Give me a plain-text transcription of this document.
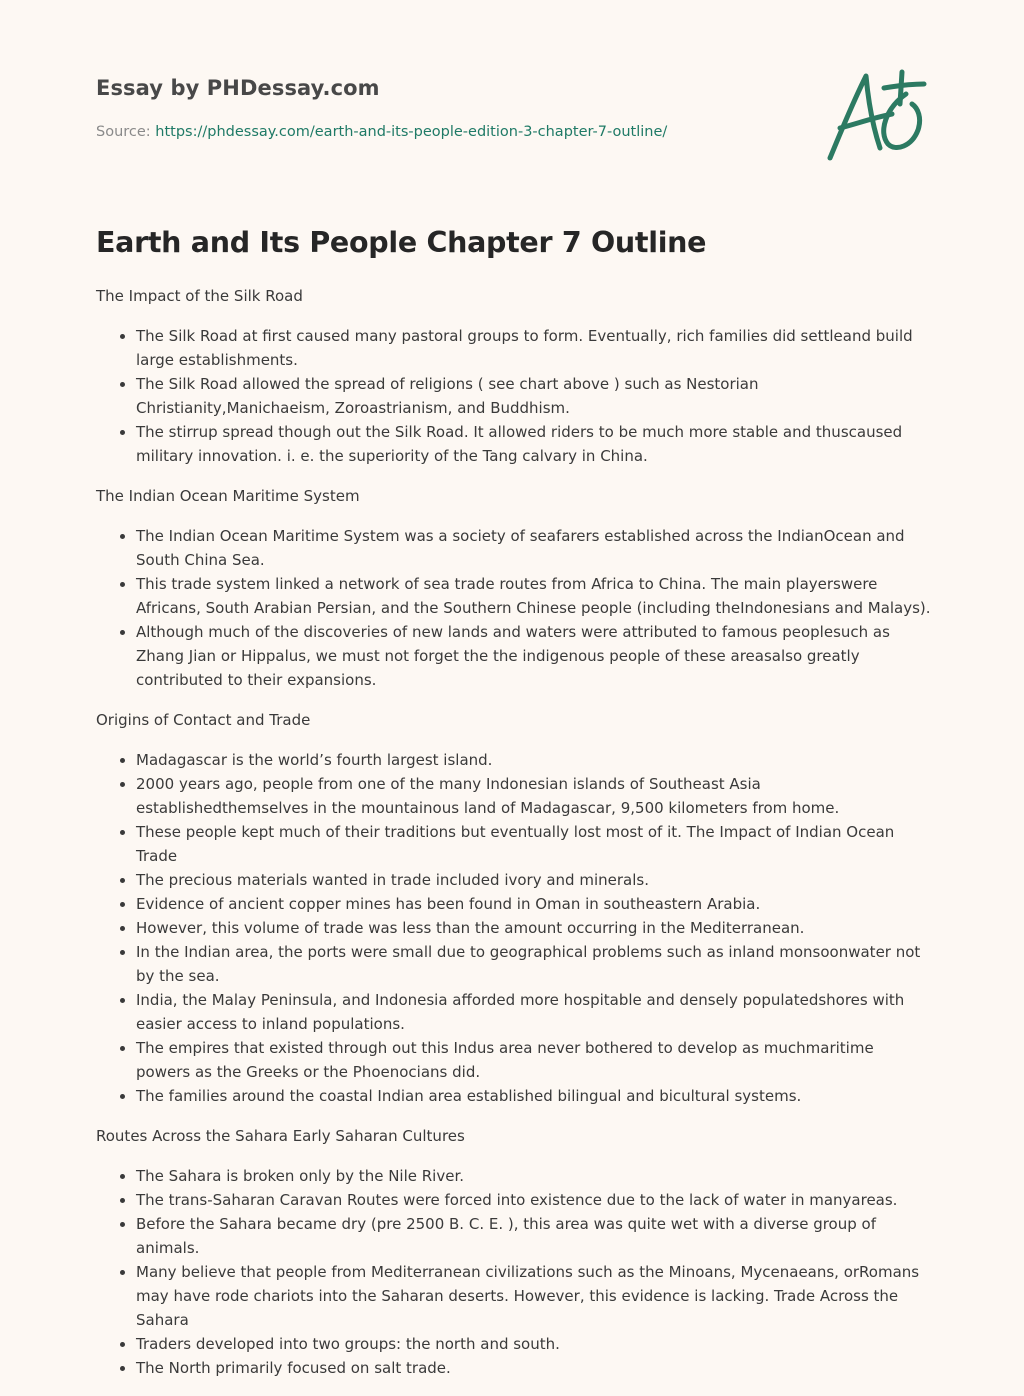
Essay by PHDessay.com
Source: https://phdessay.com/earth-and-its-people-edition-3-chapter-7-outline/
Earth and Its People Chapter 7 Outline

The Impact of the Silk Road

• The Silk Road at first caused many pastoral groups to form. Eventually, rich families did settleand build large establishments.
• The Silk Road allowed the spread of religions ( see chart above ) such as Nestorian Christianity,Manichaeism, Zoroastrianism, and Buddhism.
• The stirrup spread though out the Silk Road. It allowed riders to be much more stable and thuscaused military innovation. i. e. the superiority of the Tang calvary in China.

The Indian Ocean Maritime System

• The Indian Ocean Maritime System was a society of seafarers established across the IndianOcean and South China Sea.
• This trade system linked a network of sea trade routes from Africa to China. The main playerswere Africans, South Arabian Persian, and the Southern Chinese people (including theIndonesians and Malays).
• Although much of the discoveries of new lands and waters were attributed to famous peoplesuch as Zhang Jian or Hippalus, we must not forget the the indigenous people of these areasalso greatly contributed to their expansions.

Origins of Contact and Trade

• Madagascar is the world’s fourth largest island.
• 2000 years ago, people from one of the many Indonesian islands of Southeast Asia establishedthemselves in the mountainous land of Madagascar, 9,500 kilometers from home.
• These people kept much of their traditions but eventually lost most of it. The Impact of Indian Ocean Trade
• The precious materials wanted in trade included ivory and minerals.
• Evidence of ancient copper mines has been found in Oman in southeastern Arabia.
• However, this volume of trade was less than the amount occurring in the Mediterranean.
• In the Indian area, the ports were small due to geographical problems such as inland monsoonwater not by the sea.
• India, the Malay Peninsula, and Indonesia afforded more hospitable and densely populatedshores with easier access to inland populations.
• The empires that existed through out this Indus area never bothered to develop as muchmaritime powers as the Greeks or the Phoenocians did.
• The families around the coastal Indian area established bilingual and bicultural systems.

Routes Across the Sahara Early Saharan Cultures

• The Sahara is broken only by the Nile River.
• The trans-Saharan Caravan Routes were forced into existence due to the lack of water in manyareas.
• Before the Sahara became dry (pre 2500 B. C. E. ), this area was quite wet with a diverse group of animals.
• Many believe that people from Mediterranean civilizations such as the Minoans, Mycenaeans, orRomans may have rode chariots into the Saharan deserts. However, this evidence is lacking. Trade Across the Sahara
• Traders developed into two groups: the north and south.
• The North primarily focused on salt trade.
